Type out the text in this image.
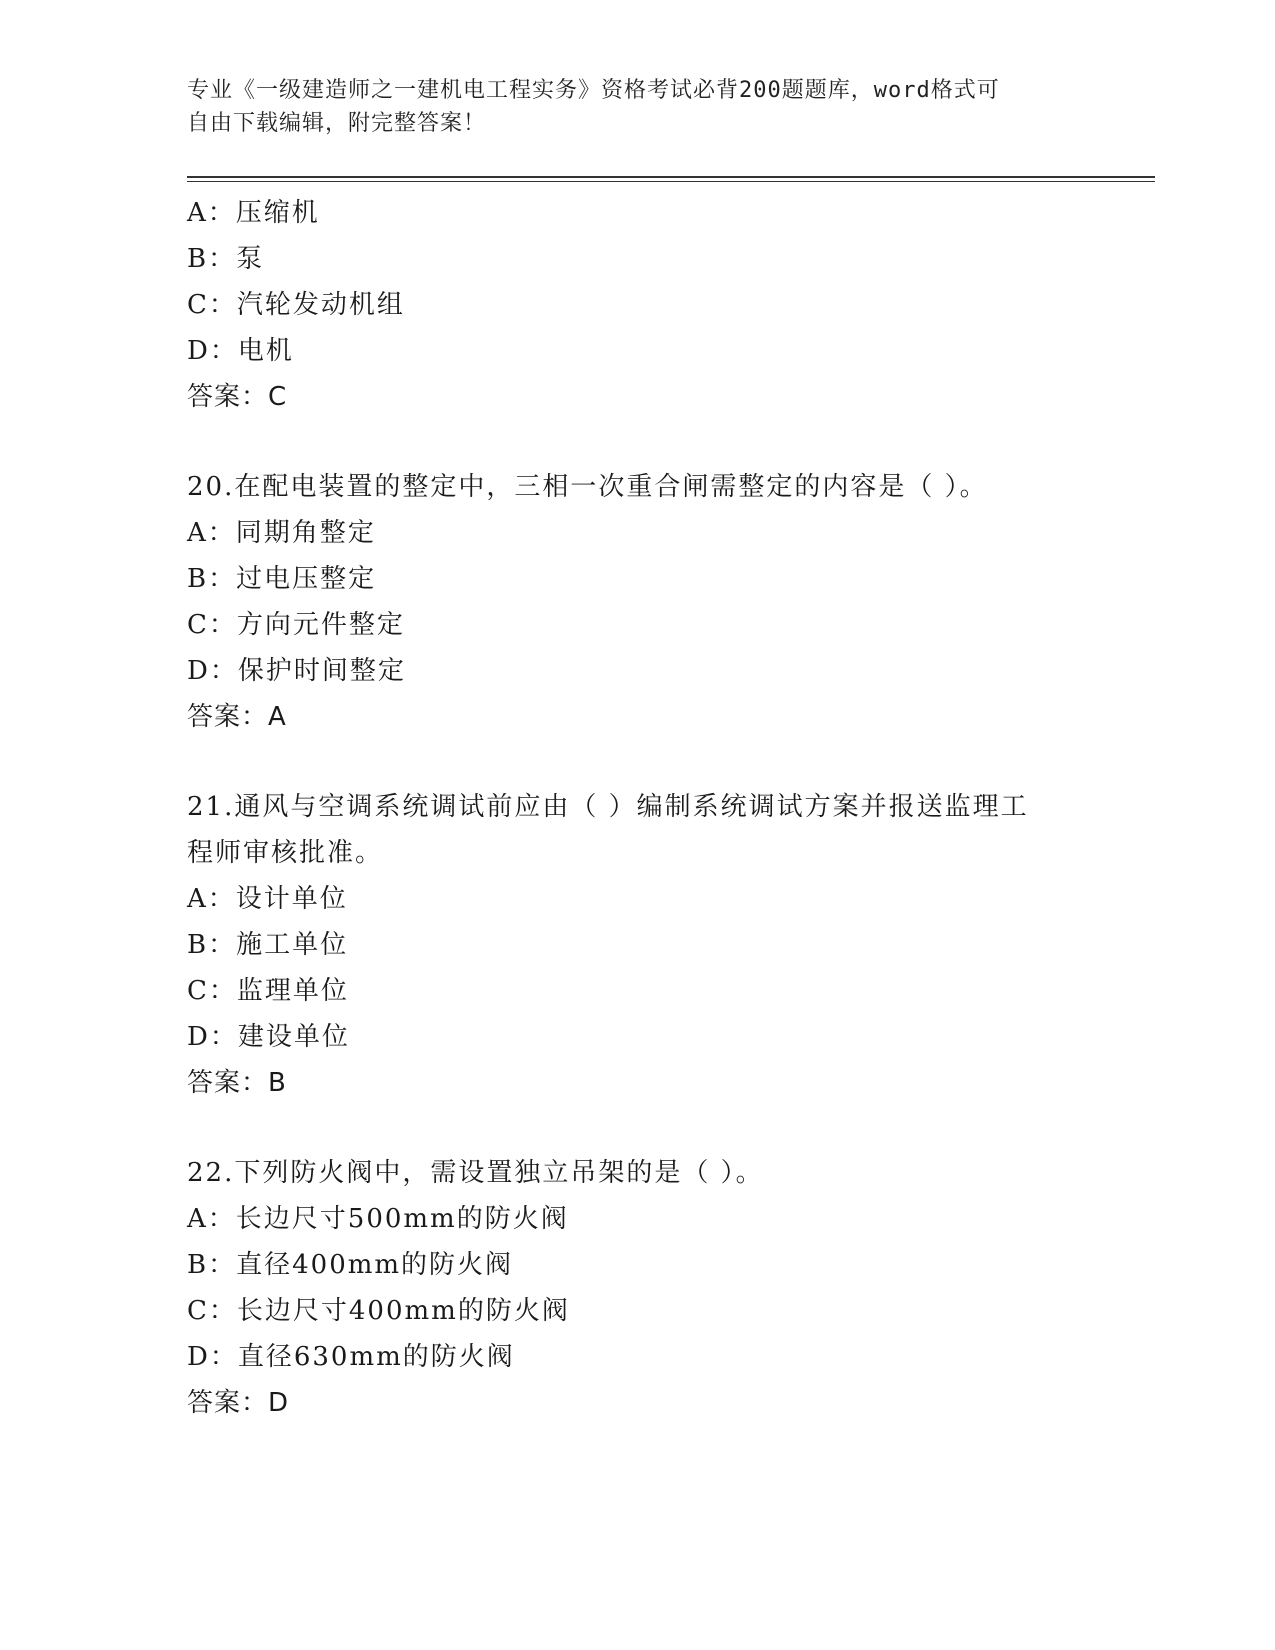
专业《一级建造师之一建机电工程实务》资格考试必背200题题库，word格式可
自由下载编辑，附完整答案！
A：压缩机
B：泵
C：汽轮发动机组
D：电机
答案：C
20.在配电装置的整定中，三相一次重合闸需整定的内容是（ ）。
A：同期角整定
B：过电压整定
C：方向元件整定
D：保护时间整定
答案：A
21.通风与空调系统调试前应由（ ）编制系统调试方案并报送监理工
程师审核批准。
A：设计单位
B：施工单位
C：监理单位
D：建设单位
答案：B
22.下列防火阀中，需设置独立吊架的是（ ）。
A：长边尺寸500mm的防火阀
B：直径400mm的防火阀
C：长边尺寸400mm的防火阀
D：直径630mm的防火阀
答案：D
